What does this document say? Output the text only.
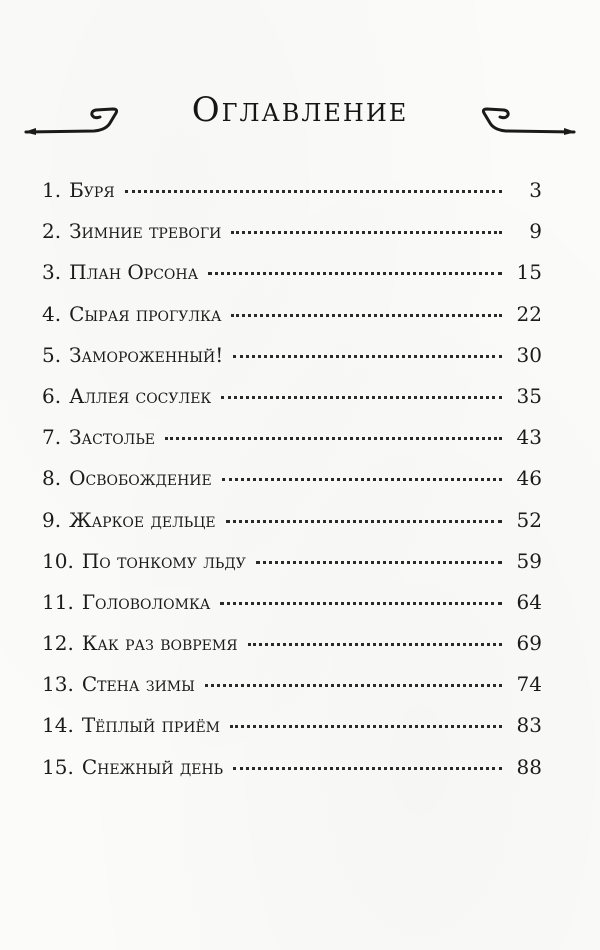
Оглавление
1. Буря	3
2. Зимние тревоги	9
3. План Орсона	15
4. Сырая прогулка	22
5. Замороженный!	30
6. Аллея сосулек	35
7. Застолье	43
8. Освобождение	46
9. Жаркое дельце	52
10. По тонкому льду	59
11. Головоломка	64
12. Как раз вовремя	69
13. Стена зимы	74
14. Тёплый приём	83
15. Снежный день	88
